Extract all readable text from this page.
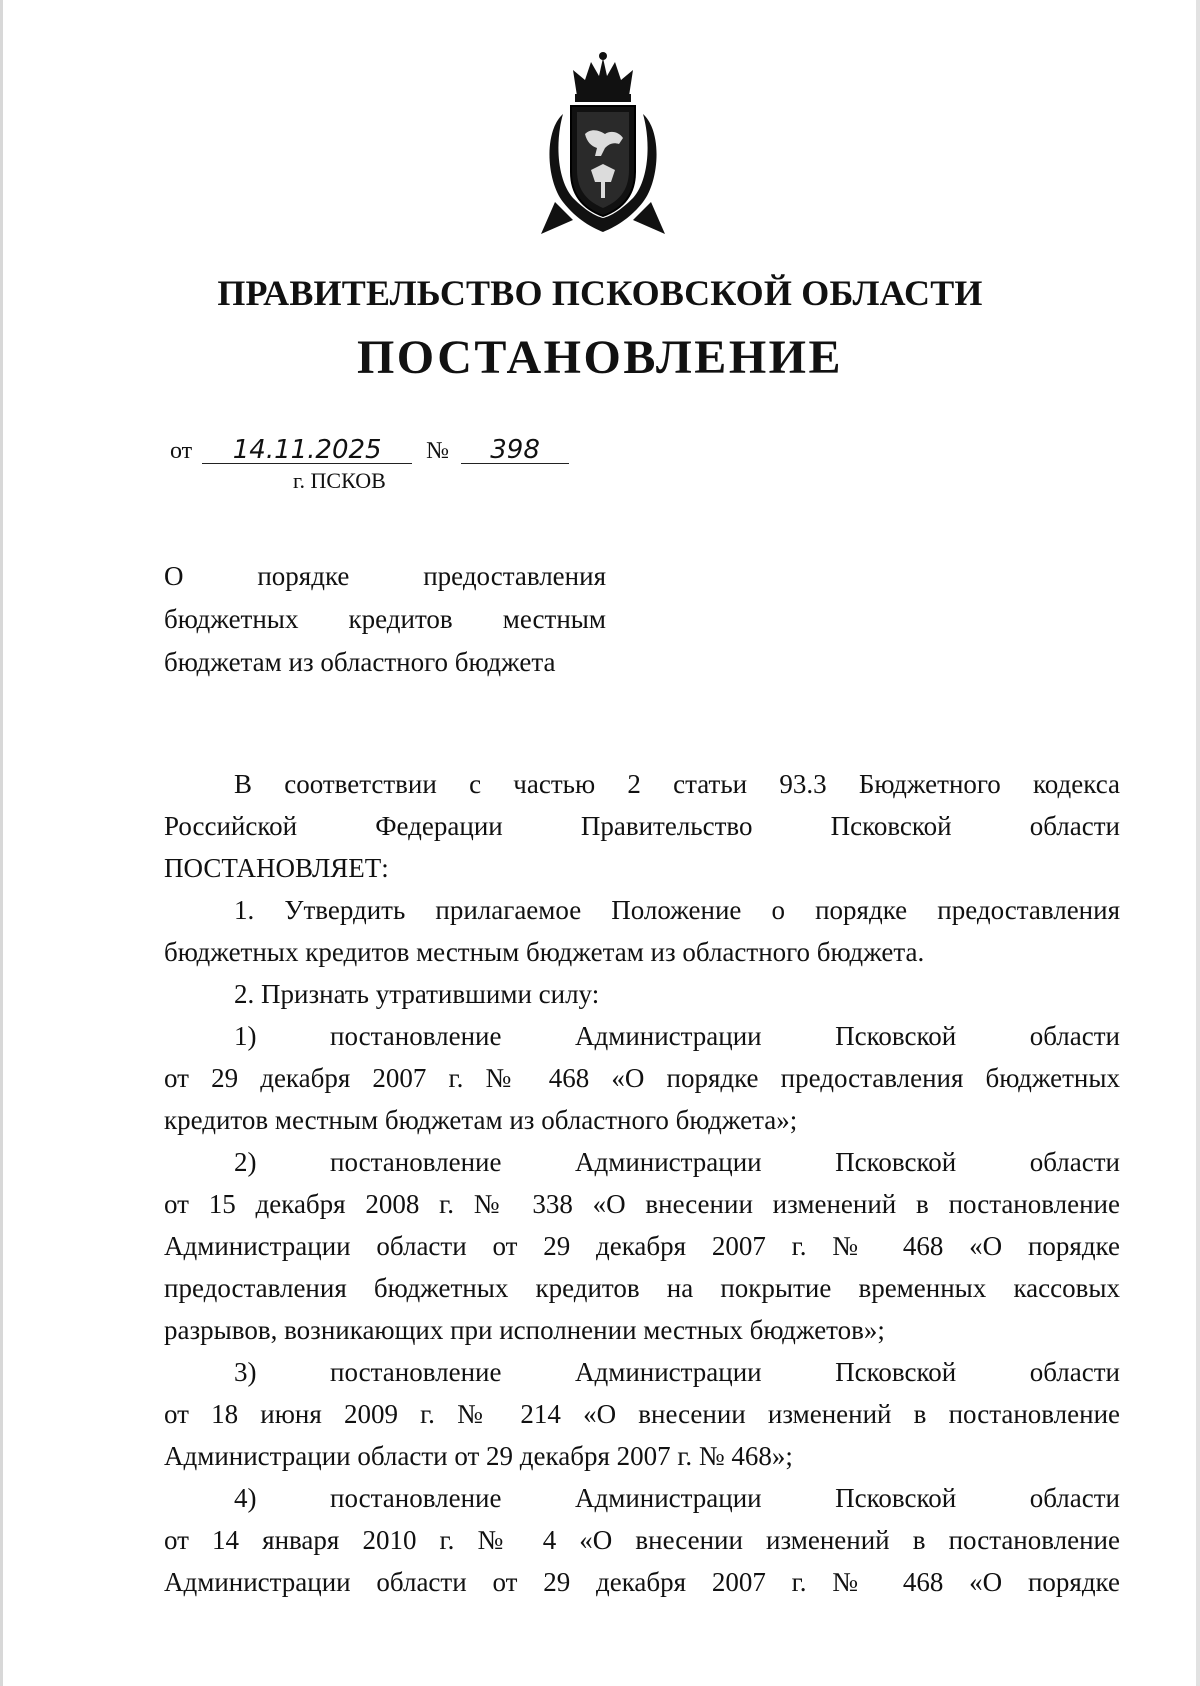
ПРАВИТЕЛЬСТВО ПСКОВСКОЙ ОБЛАСТИ
ПОСТАНОВЛЕНИЕ
от 14.11.2025 № 398
г. ПСКОВ
О порядке предоставления
бюджетных кредитов местным
бюджетам из областного бюджета
В соответствии с частью 2 статьи 93.3 Бюджетного кодекса
Российской Федерации Правительство Псковской области
ПОСТАНОВЛЯЕТ:
1. Утвердить прилагаемое Положение о порядке предоставления
бюджетных кредитов местным бюджетам из областного бюджета.
2. Признать утратившими силу:
1) постановление Администрации Псковской области
от 29 декабря 2007 г. № 468 «О порядке предоставления бюджетных
кредитов местным бюджетам из областного бюджета»;
2) постановление Администрации Псковской области
от 15 декабря 2008 г. № 338 «О внесении изменений в постановление
Администрации области от 29 декабря 2007 г. № 468 «О порядке
предоставления бюджетных кредитов на покрытие временных кассовых
разрывов, возникающих при исполнении местных бюджетов»;
3) постановление Администрации Псковской области
от 18 июня 2009 г. № 214 «О внесении изменений в постановление
Администрации области от 29 декабря 2007 г. № 468»;
4) постановление Администрации Псковской области
от 14 января 2010 г. № 4 «О внесении изменений в постановление
Администрации области от 29 декабря 2007 г. № 468 «О порядке
